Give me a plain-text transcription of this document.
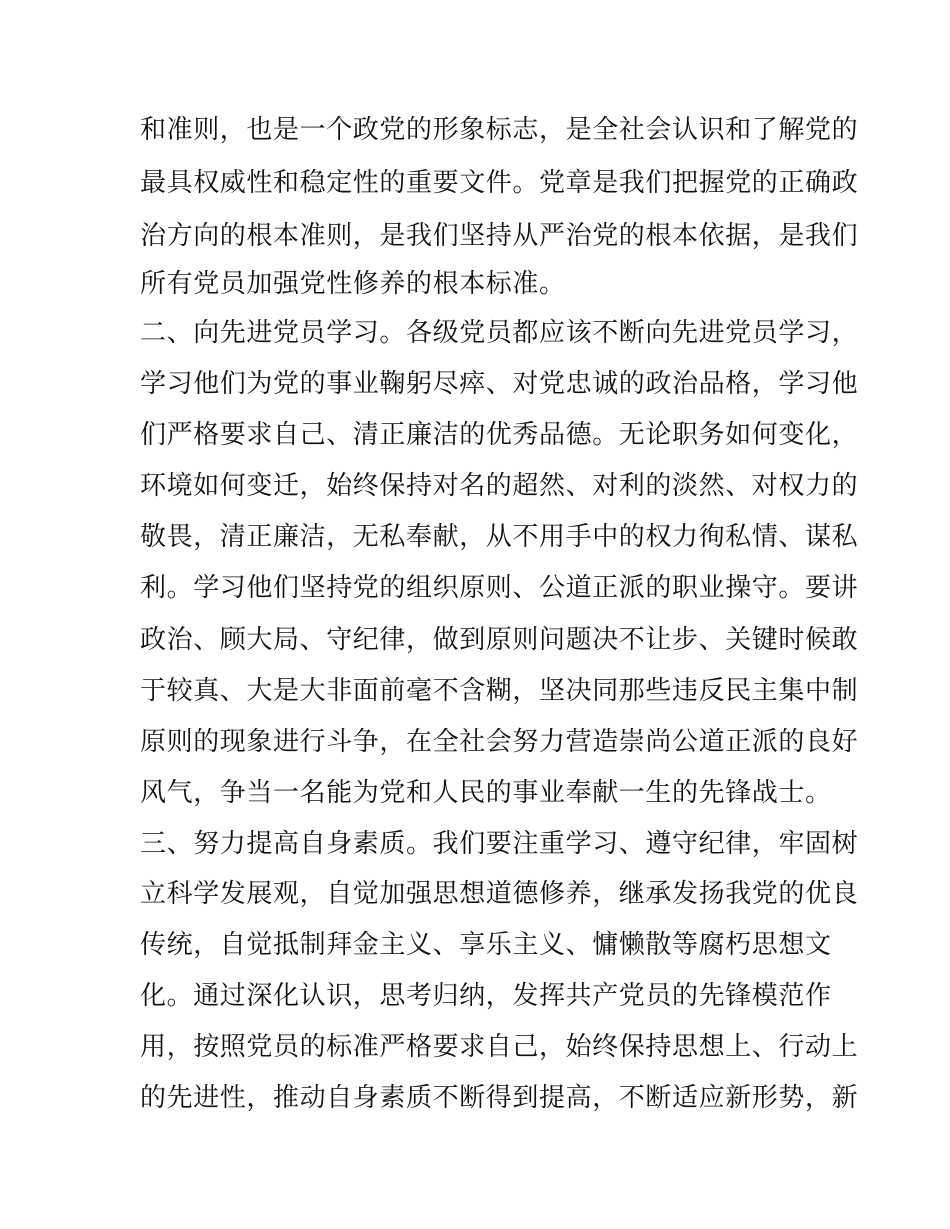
和准则，也是一个政党的形象标志，是全社会认识和了解党的
最具权威性和稳定性的重要文件。党章是我们把握党的正确政
治方向的根本准则，是我们坚持从严治党的根本依据，是我们
所有党员加强党性修养的根本标准。
二、向先进党员学习。各级党员都应该不断向先进党员学习，
学习他们为党的事业鞠躬尽瘁、对党忠诚的政治品格，学习他
们严格要求自己、清正廉洁的优秀品德。无论职务如何变化，
环境如何变迁，始终保持对名的超然、对利的淡然、对权力的
敬畏，清正廉洁，无私奉献，从不用手中的权力徇私情、谋私
利。学习他们坚持党的组织原则、公道正派的职业操守。要讲
政治、顾大局、守纪律，做到原则问题决不让步、关键时候敢
于较真、大是大非面前毫不含糊，坚决同那些违反民主集中制
原则的现象进行斗争，在全社会努力营造崇尚公道正派的良好
风气，争当一名能为党和人民的事业奉献一生的先锋战士。
三、努力提高自身素质。我们要注重学习、遵守纪律，牢固树
立科学发展观，自觉加强思想道德修养，继承发扬我党的优良
传统，自觉抵制拜金主义、享乐主义、慵懒散等腐朽思想文
化。通过深化认识，思考归纳，发挥共产党员的先锋模范作
用，按照党员的标准严格要求自己，始终保持思想上、行动上
的先进性，推动自身素质不断得到提高，不断适应新形势，新
